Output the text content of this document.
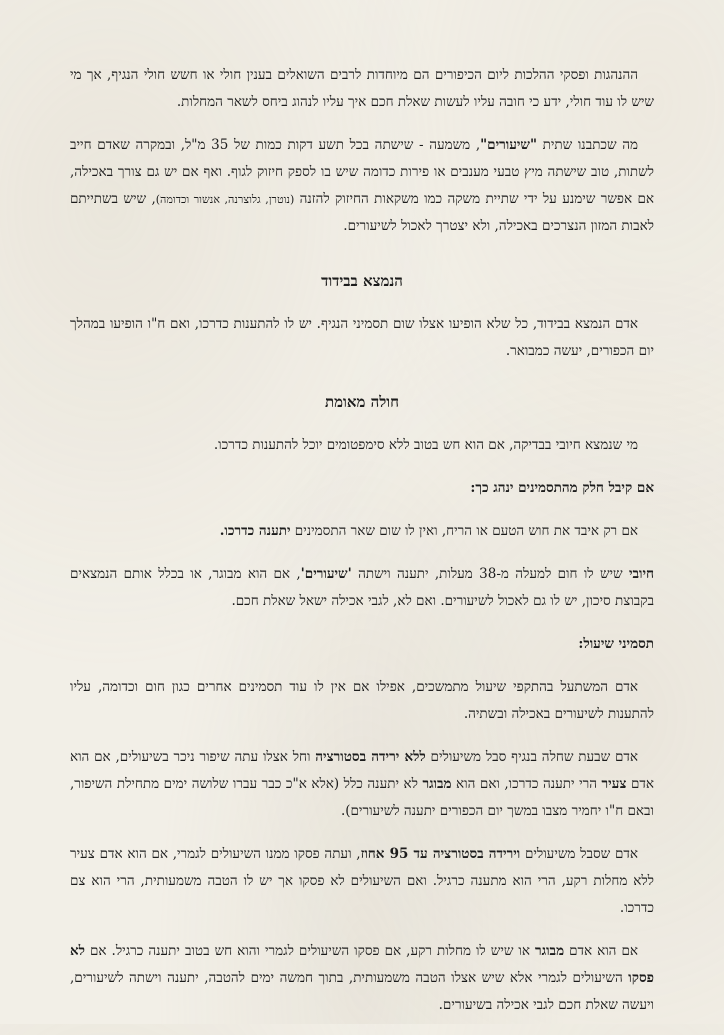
ההנהגות ופסקי ההלכות ליום הכיפורים הם מיוחדות לרבים השואלים בענין חולי או חשש חולי הנגיף, אך מי שיש לו עוד חולי, ידע כי חובה עליו לעשות שאלת חכם איך עליו לנהוג ביחס לשאר המחלות.

מה שכתבנו שתית "שיעורים", משמעה - שישתה בכל תשע דקות כמות של 35 מ"ל, ובמקרה שאדם חייב לשתות, טוב שישתה מיץ טבעי מענבים או פירות כדומה שיש בו לספק חיזוק לגוף. ואף אם יש גם צורך באכילה, אם אפשר שימנע על ידי שתיית משקה כמו משקאות החיזוק להזנה (נוטרן, גלוצרנה, אנשור וכדומה), שיש בשתייתם לאבות המזון הנצרכים באכילה, ולא יצטרך לאכול לשיעורים.

הנמצא בבידוד

אדם הנמצא בבידוד, כל שלא הופיעו אצלו שום תסמיני הנגיף. יש לו להתענות כדרכו, ואם ח"ו הופיעו במהלך יום הכפורים, יעשה כמבואר.

חולה מאומת

מי שנמצא חיובי בבדיקה, אם הוא חש בטוב ללא סימפטומים יוכל להתענות כדרכו.

אם קיבל חלק מהתסמינים ינהג כך:

אם רק איבד את חוש הטעם או הריח, ואין לו שום שאר התסמינים יתענה כדרכו.

חיובי שיש לו חום למעלה מ-38 מעלות, יתענה וישתה 'שיעורים', אם הוא מבוגר, או בכלל אותם הנמצאים בקבוצת סיכון, יש לו גם לאכול לשיעורים. ואם לא, לגבי אכילה ישאל שאלת חכם.

תסמיני שיעול:

אדם המשתעל בהתקפי שיעול מתמשכים, אפילו אם אין לו עוד תסמינים אחרים כגון חום וכדומה, עליו להתענות לשיעורים באכילה ובשתיה.

אדם שבעת שחלה בנגיף סבל משיעולים ללא ירידה בסטורציה וחל אצלו עתה שיפור ניכר בשיעולים, אם הוא אדם צעיר הרי יתענה כדרכו, ואם הוא מבוגר לא יתענה כלל (אלא א"כ כבר עברו שלושה ימים מתחילת השיפור, ובאם ח"ו יחמיר מצבו במשך יום הכפורים יתענה לשיעורים).

אדם שסבל משיעולים וירידה בסטורציה עד 95 אחוז, ועתה פסקו ממנו השיעולים לגמרי, אם הוא אדם צעיר ללא מחלות רקע, הרי הוא מתענה כרגיל. ואם השיעולים לא פסקו אך יש לו הטבה משמעותית, הרי הוא צם כדרכו.

אם הוא אדם מבוגר או שיש לו מחלות רקע, אם פסקו השיעולים לגמרי והוא חש בטוב יתענה כרגיל. אם לא פסקו השיעולים לגמרי אלא שיש אצלו הטבה משמעותית, בתוך חמשה ימים להטבה, יתענה וישתה לשיעורים, ויעשה שאלת חכם לגבי אכילה בשיעורים.
